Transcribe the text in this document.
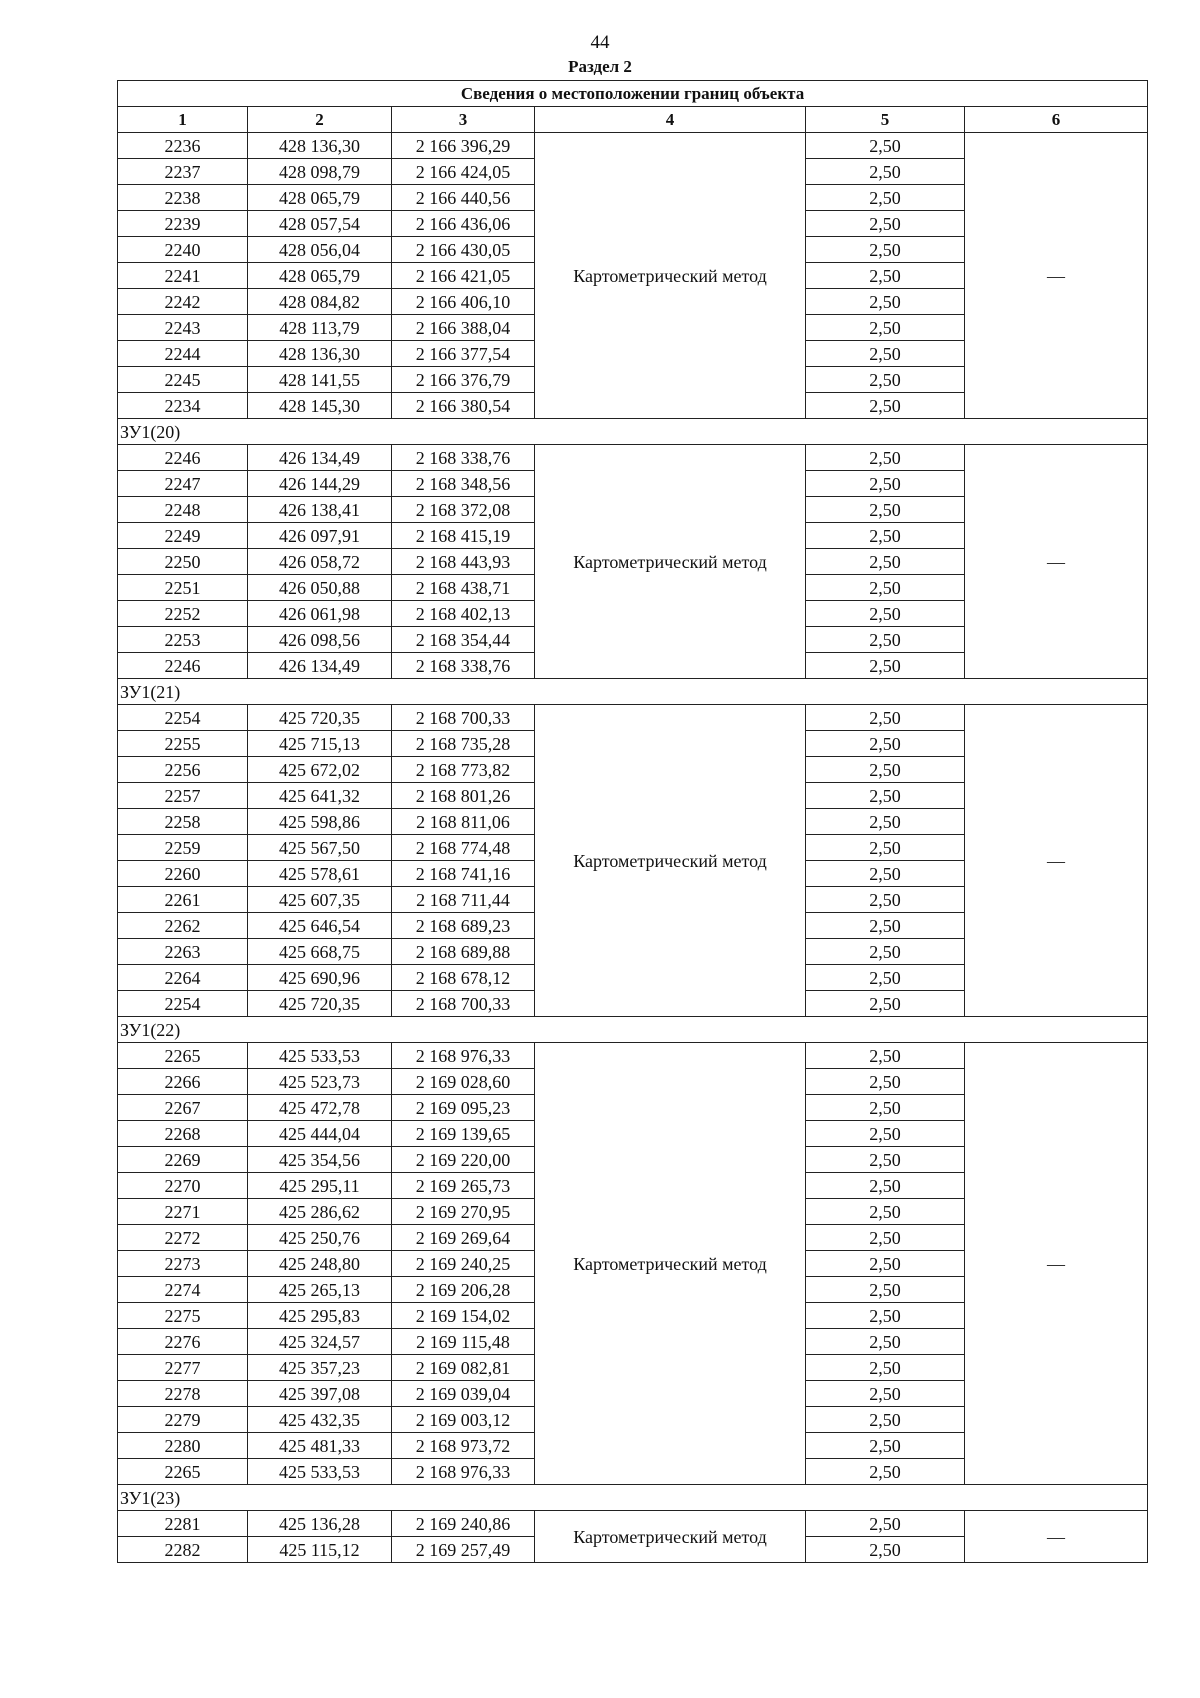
44
Раздел 2
Сведения о местоположении границ объекта					
1	2	3	4	5	6
2236	428 136,30	2 166 396,29	Картометрический метод	2,50	—
2237	428 098,79	2 166 424,05		2,50	
2238	428 065,79	2 166 440,56		2,50	
2239	428 057,54	2 166 436,06		2,50	
2240	428 056,04	2 166 430,05		2,50	
2241	428 065,79	2 166 421,05		2,50	
2242	428 084,82	2 166 406,10		2,50	
2243	428 113,79	2 166 388,04		2,50	
2244	428 136,30	2 166 377,54		2,50	
2245	428 141,55	2 166 376,79		2,50	
2234	428 145,30	2 166 380,54		2,50	
ЗУ1(20)					
2246	426 134,49	2 168 338,76	Картометрический метод	2,50	—
2247	426 144,29	2 168 348,56		2,50	
2248	426 138,41	2 168 372,08		2,50	
2249	426 097,91	2 168 415,19		2,50	
2250	426 058,72	2 168 443,93		2,50	
2251	426 050,88	2 168 438,71		2,50	
2252	426 061,98	2 168 402,13		2,50	
2253	426 098,56	2 168 354,44		2,50	
2246	426 134,49	2 168 338,76		2,50	
ЗУ1(21)					
2254	425 720,35	2 168 700,33	Картометрический метод	2,50	—
2255	425 715,13	2 168 735,28		2,50	
2256	425 672,02	2 168 773,82		2,50	
2257	425 641,32	2 168 801,26		2,50	
2258	425 598,86	2 168 811,06		2,50	
2259	425 567,50	2 168 774,48		2,50	
2260	425 578,61	2 168 741,16		2,50	
2261	425 607,35	2 168 711,44		2,50	
2262	425 646,54	2 168 689,23		2,50	
2263	425 668,75	2 168 689,88		2,50	
2264	425 690,96	2 168 678,12		2,50	
2254	425 720,35	2 168 700,33		2,50	
ЗУ1(22)					
2265	425 533,53	2 168 976,33	Картометрический метод	2,50	—
2266	425 523,73	2 169 028,60		2,50	
2267	425 472,78	2 169 095,23		2,50	
2268	425 444,04	2 169 139,65		2,50	
2269	425 354,56	2 169 220,00		2,50	
2270	425 295,11	2 169 265,73		2,50	
2271	425 286,62	2 169 270,95		2,50	
2272	425 250,76	2 169 269,64		2,50	
2273	425 248,80	2 169 240,25		2,50	
2274	425 265,13	2 169 206,28		2,50	
2275	425 295,83	2 169 154,02		2,50	
2276	425 324,57	2 169 115,48		2,50	
2277	425 357,23	2 169 082,81		2,50	
2278	425 397,08	2 169 039,04		2,50	
2279	425 432,35	2 169 003,12		2,50	
2280	425 481,33	2 168 973,72		2,50	
2265	425 533,53	2 168 976,33		2,50	
ЗУ1(23)					
2281	425 136,28	2 169 240,86	Картометрический метод	2,50	—
2282	425 115,12	2 169 257,49		2,50	
